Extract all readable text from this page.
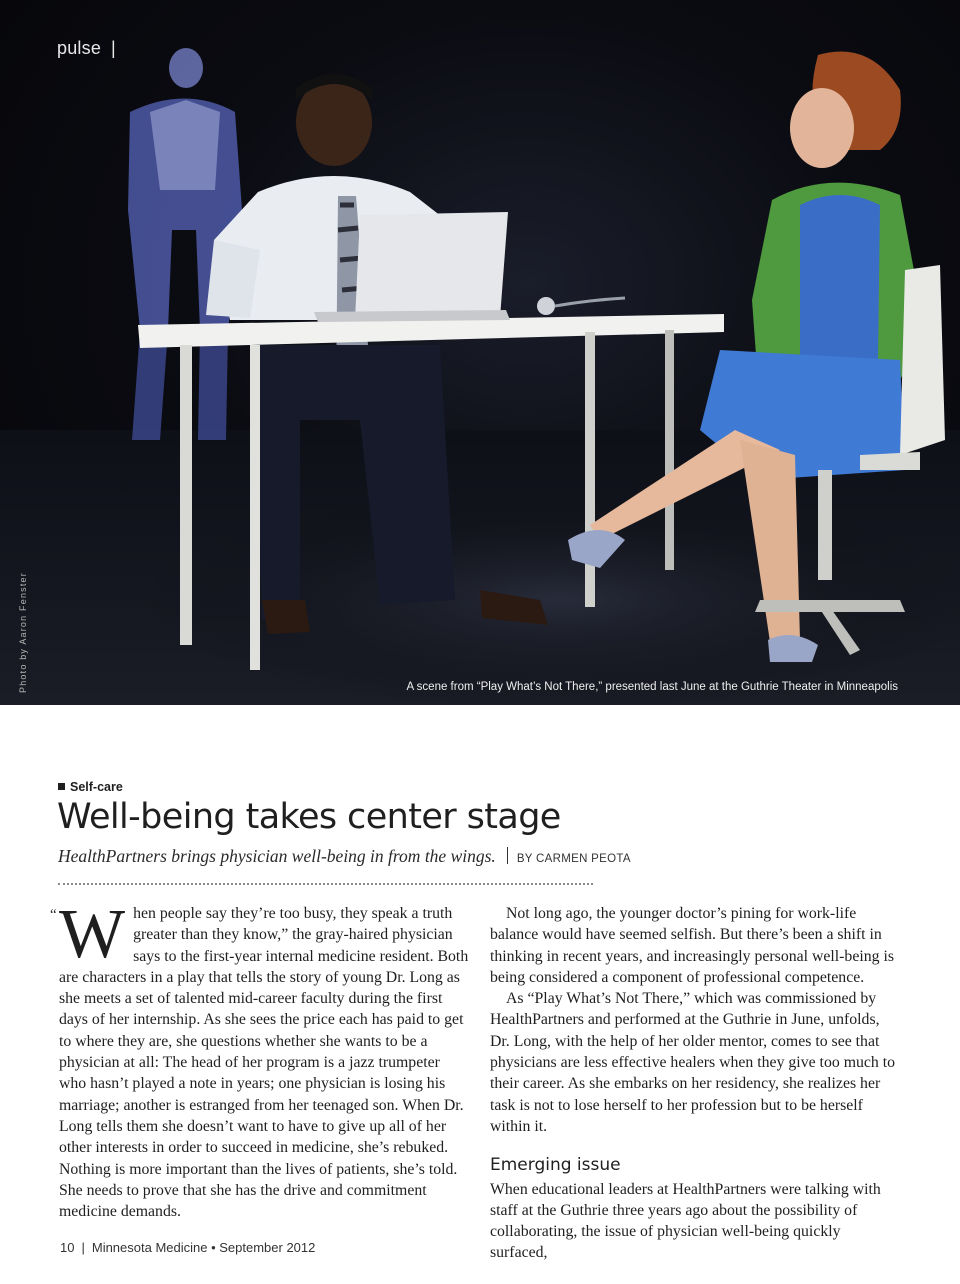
pulse |
Photo by Aaron Fenster	A scene from “Play What’s Not There,” presented last June at the Guthrie Theater in Minneapolis
Self-care
Well-being takes center stage
HealthPartners brings physician well-being in from the wings. BY CARMEN PEOTA
“ When people say they’re too busy, they speak a truth greater than they know,” the gray-haired physician says to the first-year internal medicine resident. Both are characters in a play that tells the story of young Dr. Long as she meets a set of talented mid-career faculty during the first days of her internship. As she sees the price each has paid to get to where they are, she questions whether she wants to be a physician at all: The head of her program is a jazz trumpeter who hasn’t played a note in years; one physician is losing his marriage; another is estranged from her teenaged son. When Dr. Long tells them she doesn’t want to have to give up all of her other interests in order to succeed in medicine, she’s rebuked. Nothing is more important than the lives of patients, she’s told. She needs to prove that she has the drive and commitment medicine demands.

Not long ago, the younger doctor’s pining for work-life balance would have seemed selfish. But there’s been a shift in thinking in recent years, and increasingly personal well-being is being considered a component of professional competence.

As “Play What’s Not There,” which was commissioned by HealthPartners and performed at the Guthrie in June, unfolds, Dr. Long, with the help of her older mentor, comes to see that physicians are less effective healers when they give too much to their career. As she embarks on her residency, she realizes her task is not to lose herself to her profession but to be herself within it.

Emerging issue

When educational leaders at HealthPartners were talking with staff at the Guthrie three years ago about the possibility of collaborating, the issue of physician well-being quickly surfaced,

10 | Minnesota Medicine • September 2012
